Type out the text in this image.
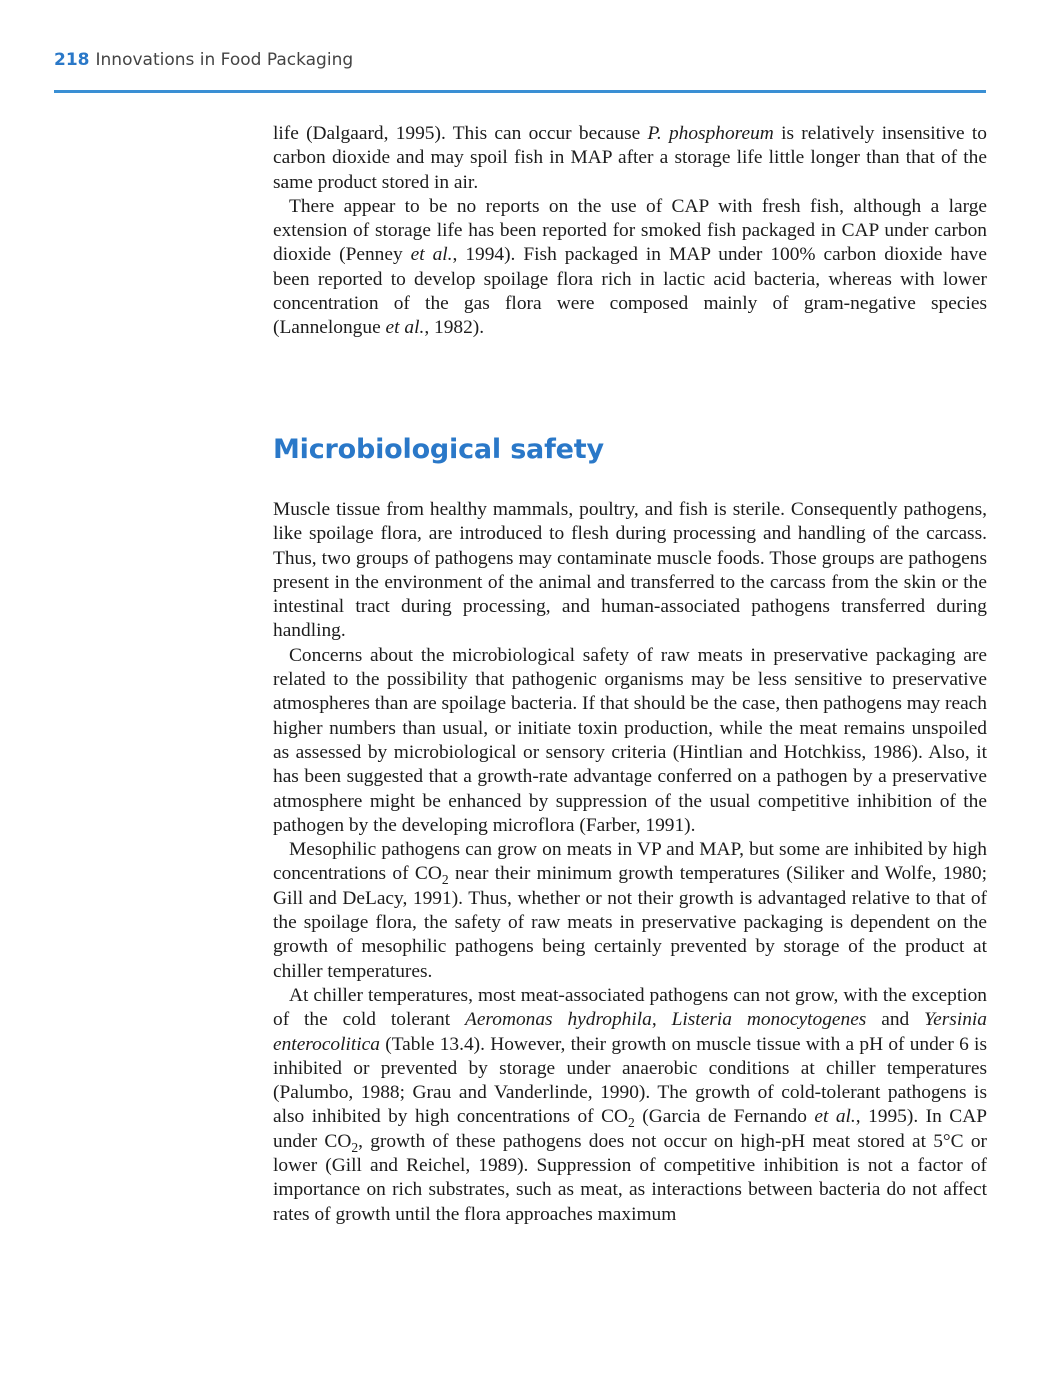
218 Innovations in Food Packaging

life (Dalgaard, 1995). This can occur because P. phosphoreum is relatively insensitive to carbon dioxide and may spoil fish in MAP after a storage life little longer than that of the same product stored in air.

There appear to be no reports on the use of CAP with fresh fish, although a large extension of storage life has been reported for smoked fish packaged in CAP under carbon dioxide (Penney et al., 1994). Fish packaged in MAP under 100% carbon dioxide have been reported to develop spoilage flora rich in lactic acid bacteria, whereas with lower concentration of the gas flora were composed mainly of gram-negative species (Lannelongue et al., 1982).

Microbiological safety

Muscle tissue from healthy mammals, poultry, and fish is sterile. Consequently pathogens, like spoilage flora, are introduced to flesh during processing and handling of the carcass. Thus, two groups of pathogens may contaminate muscle foods. Those groups are pathogens present in the environment of the animal and transferred to the carcass from the skin or the intestinal tract during processing, and human-associated pathogens transferred during handling.

Concerns about the microbiological safety of raw meats in preservative packaging are related to the possibility that pathogenic organisms may be less sensitive to preservative atmospheres than are spoilage bacteria. If that should be the case, then pathogens may reach higher numbers than usual, or initiate toxin production, while the meat remains unspoiled as assessed by microbiological or sensory criteria (Hintlian and Hotchkiss, 1986). Also, it has been suggested that a growth-rate advantage conferred on a pathogen by a preservative atmosphere might be enhanced by suppression of the usual competitive inhibition of the pathogen by the developing microflora (Farber, 1991).

Mesophilic pathogens can grow on meats in VP and MAP, but some are inhibited by high concentrations of $CO_2$ near their minimum growth temperatures (Siliker and Wolfe, 1980; Gill and DeLacy, 1991). Thus, whether or not their growth is advantaged relative to that of the spoilage flora, the safety of raw meats in preservative packaging is dependent on the growth of mesophilic pathogens being certainly prevented by storage of the product at chiller temperatures.

At chiller temperatures, most meat-associated pathogens can not grow, with the exception of the cold tolerant Aeromonas hydrophila, Listeria monocytogenes and Yersinia enterocolitica (Table 13.4). However, their growth on muscle tissue with a pH of under 6 is inhibited or prevented by storage under anaerobic conditions at chiller temperatures (Palumbo, 1988; Grau and Vanderlinde, 1990). The growth of cold-tolerant pathogens is also inhibited by high concentrations of $CO_2$ (Garcia de Fernando et al., 1995). In CAP under $CO_2$, growth of these pathogens does not occur on high-pH meat stored at 5°C or lower (Gill and Reichel, 1989). Suppression of competitive inhibition is not a factor of importance on rich substrates, such as meat, as interactions between bacteria do not affect rates of growth until the flora approaches maximum
